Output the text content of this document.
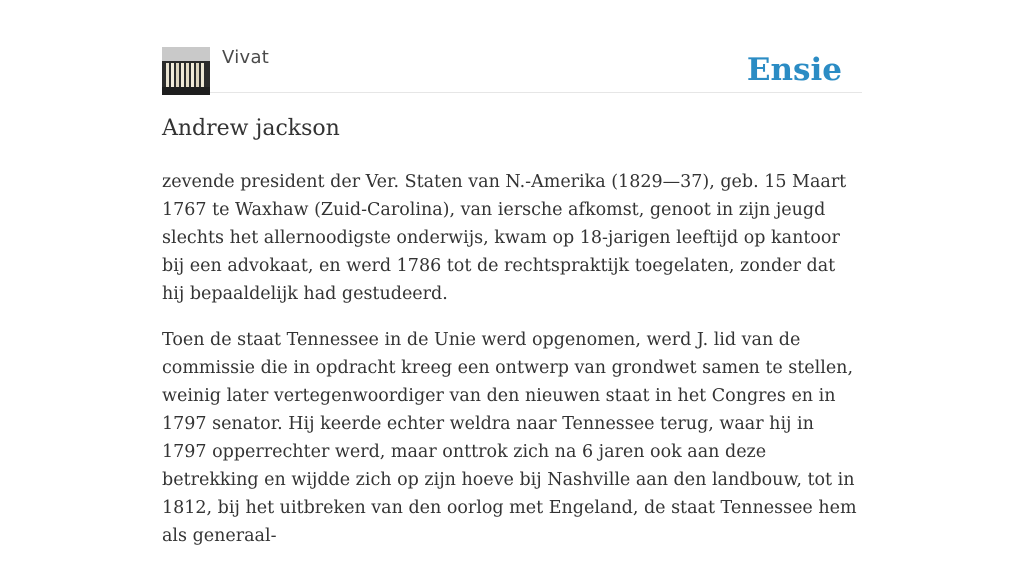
Vivat	Ensie
Andrew jackson

zevende president der Ver. Staten van N.-Amerika (1829—37), geb. 15 Maart 1767 te Waxhaw (Zuid-Carolina), van iersche afkomst, genoot in zijn jeugd slechts het allernoodigste onderwijs, kwam op 18-jarigen leeftijd op kantoor bij een advokaat, en werd 1786 tot de rechtspraktijk toegelaten, zonder dat hij bepaaldelijk had gestudeerd.

Toen de staat Tennessee in de Unie werd opgenomen, werd J. lid van de commissie die in opdracht kreeg een ontwerp van grondwet samen te stellen, weinig later vertegenwoordiger van den nieuwen staat in het Congres en in 1797 senator. Hij keerde echter weldra naar Tennessee terug, waar hij in 1797 opperrechter werd, maar onttrok zich na 6 jaren ook aan deze betrekking en wijdde zich op zijn hoeve bij Nashville aan den landbouw, tot in 1812, bij het uitbreken van den oorlog met Engeland, de staat Tennessee hem als generaal-
